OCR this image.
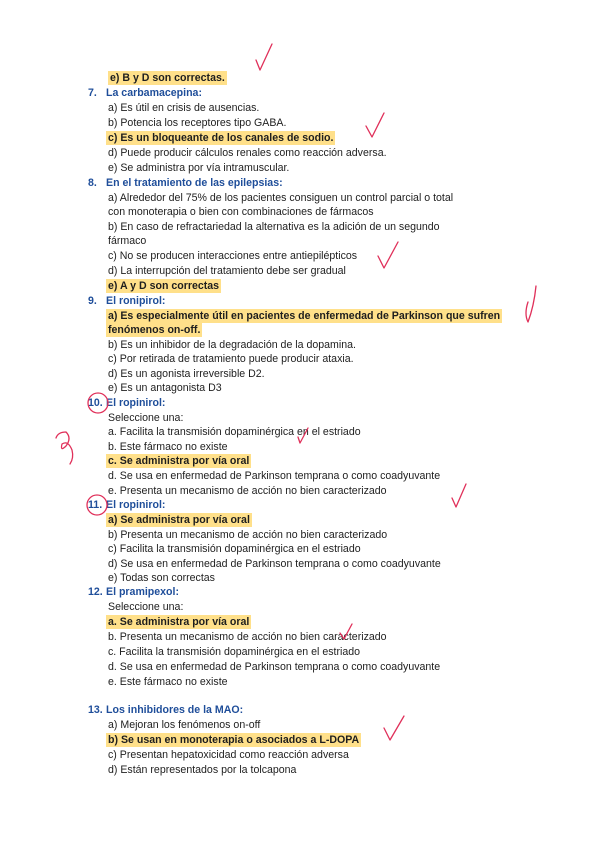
e) B y D son correctas.
7. La carbamacepina:
a) Es útil en crisis de ausencias.
b) Potencia los receptores tipo GABA.
c) Es un bloqueante de los canales de sodio.
d) Puede producir cálculos renales como reacción adversa.
e) Se administra por vía intramuscular.
8. En el tratamiento de las epilepsias:
a) Alrededor del 75% de los pacientes consiguen un control parcial o total
con monoterapia o bien con combinaciones de fármacos
b) En caso de refractariedad la alternativa es la adición de un segundo
fármaco
c) No se producen interacciones entre antiepilépticos
d) La interrupción del tratamiento debe ser gradual
e) A y D son correctas
9. El ronipirol:
a) Es especialmente útil en pacientes de enfermedad de Parkinson que sufren
fenómenos on-off.
b) Es un inhibidor de la degradación de la dopamina.
c) Por retirada de tratamiento puede producir ataxia.
d) Es un agonista irreversible D2.
e) Es un antagonista D3
10. El ropinirol:
Seleccione una:
a. Facilita la transmisión dopaminérgica en el estriado
b. Este fármaco no existe
c. Se administra por vía oral
d. Se usa en enfermedad de Parkinson temprana o como coadyuvante
e. Presenta un mecanismo de acción no bien caracterizado
11. El ropinirol:
a) Se administra por vía oral
b) Presenta un mecanismo de acción no bien caracterizado
c) Facilita la transmisión dopaminérgica en el estriado
d) Se usa en enfermedad de Parkinson temprana o como coadyuvante
e) Todas son correctas
12. El pramipexol:
Seleccione una:
a. Se administra por vía oral
b. Presenta un mecanismo de acción no bien caracterizado
c. Facilita la transmisión dopaminérgica en el estriado
d. Se usa en enfermedad de Parkinson temprana o como coadyuvante
e. Este fármaco no existe
13. Los inhibidores de la MAO:
a) Mejoran los fenómenos on-off
b) Se usan en monoterapia o asociados a L-DOPA
c) Presentan hepatoxicidad como reacción adversa
d) Están representados por la tolcapona
